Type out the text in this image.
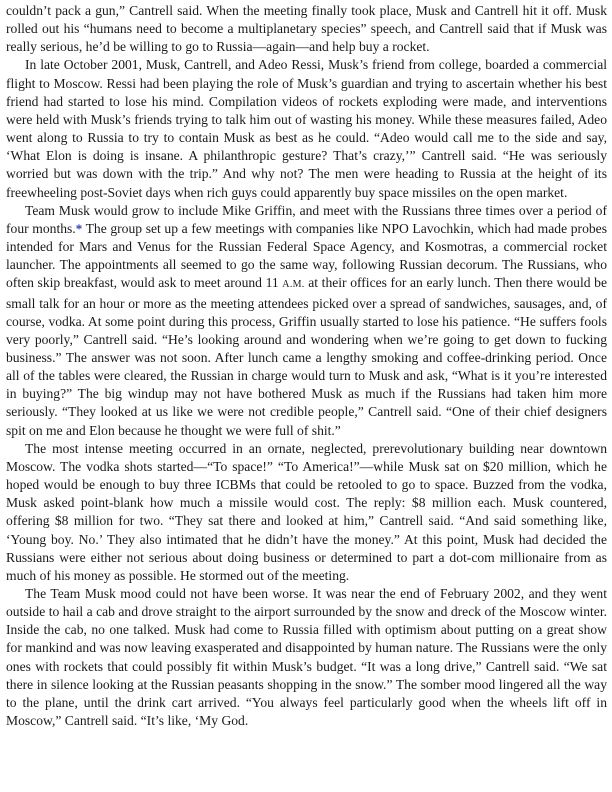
couldn’t pack a gun,” Cantrell said. When the meeting finally took place, Musk and Cantrell hit it off. Musk rolled out his “humans need to become a multiplanetary species” speech, and Cantrell said that if Musk was really serious, he’d be willing to go to Russia—again—and help buy a rocket.

In late October 2001, Musk, Cantrell, and Adeo Ressi, Musk’s friend from college, boarded a commercial flight to Moscow. Ressi had been playing the role of Musk’s guardian and trying to ascertain whether his best friend had started to lose his mind. Compilation videos of rockets exploding were made, and interventions were held with Musk’s friends trying to talk him out of wasting his money. While these measures failed, Adeo went along to Russia to try to contain Musk as best as he could. “Adeo would call me to the side and say, ‘What Elon is doing is insane. A philanthropic gesture? That’s crazy,’” Cantrell said. “He was seriously worried but was down with the trip.” And why not? The men were heading to Russia at the height of its freewheeling post-Soviet days when rich guys could apparently buy space missiles on the open market.

Team Musk would grow to include Mike Griffin, and meet with the Russians three times over a period of four months.* The group set up a few meetings with companies like NPO Lavochkin, which had made probes intended for Mars and Venus for the Russian Federal Space Agency, and Kosmotras, a commercial rocket launcher. The appointments all seemed to go the same way, following Russian decorum. The Russians, who often skip breakfast, would ask to meet around 11 A.M. at their offices for an early lunch. Then there would be small talk for an hour or more as the meeting attendees picked over a spread of sandwiches, sausages, and, of course, vodka. At some point during this process, Griffin usually started to lose his patience. “He suffers fools very poorly,” Cantrell said. “He’s looking around and wondering when we’re going to get down to fucking business.” The answer was not soon. After lunch came a lengthy smoking and coffee-drinking period. Once all of the tables were cleared, the Russian in charge would turn to Musk and ask, “What is it you’re interested in buying?” The big windup may not have bothered Musk as much if the Russians had taken him more seriously. “They looked at us like we were not credible people,” Cantrell said. “One of their chief designers spit on me and Elon because he thought we were full of shit.”

The most intense meeting occurred in an ornate, neglected, prerevolutionary building near downtown Moscow. The vodka shots started—“To space!” “To America!”—while Musk sat on $20 million, which he hoped would be enough to buy three ICBMs that could be retooled to go to space. Buzzed from the vodka, Musk asked point-blank how much a missile would cost. The reply: $8 million each. Musk countered, offering $8 million for two. “They sat there and looked at him,” Cantrell said. “And said something like, ‘Young boy. No.’ They also intimated that he didn’t have the money.” At this point, Musk had decided the Russians were either not serious about doing business or determined to part a dot-com millionaire from as much of his money as possible. He stormed out of the meeting.

The Team Musk mood could not have been worse. It was near the end of February 2002, and they went outside to hail a cab and drove straight to the airport surrounded by the snow and dreck of the Moscow winter. Inside the cab, no one talked. Musk had come to Russia filled with optimism about putting on a great show for mankind and was now leaving exasperated and disappointed by human nature. The Russians were the only ones with rockets that could possibly fit within Musk’s budget. “It was a long drive,” Cantrell said. “We sat there in silence looking at the Russian peasants shopping in the snow.” The somber mood lingered all the way to the plane, until the drink cart arrived. “You always feel particularly good when the wheels lift off in Moscow,” Cantrell said. “It’s like, ‘My God.
